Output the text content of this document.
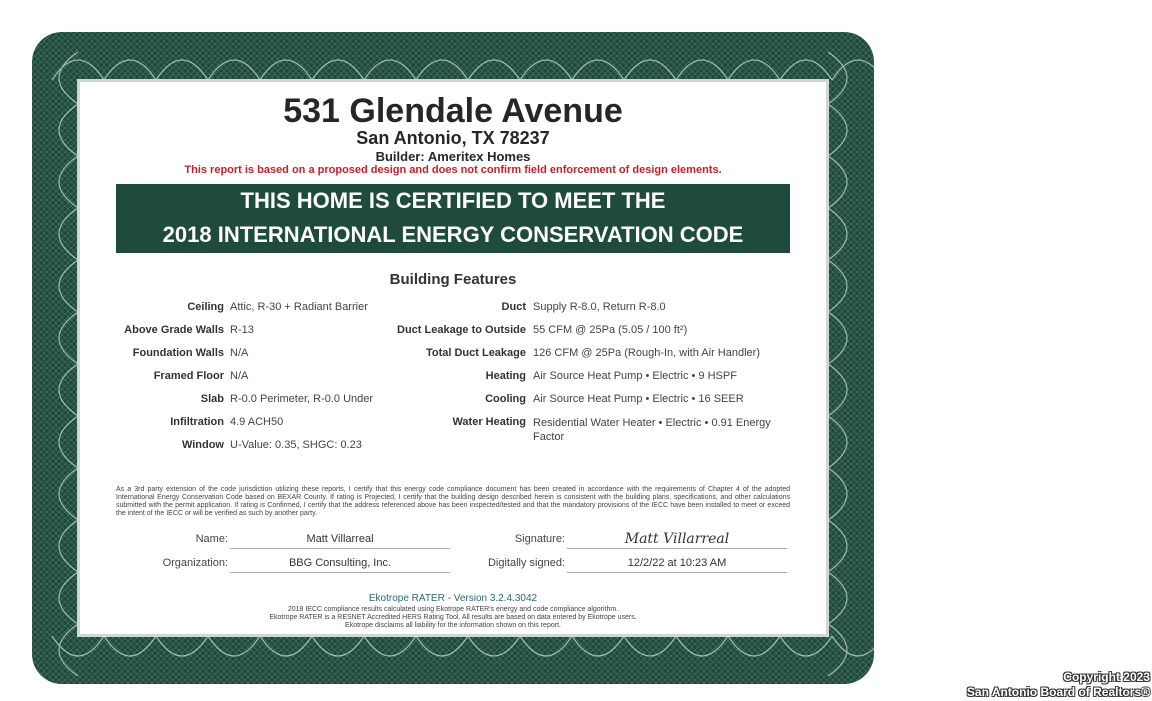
531 Glendale Avenue
San Antonio, TX 78237
Builder: Ameritex Homes
This report is based on a proposed design and does not confirm field enforcement of design elements.
THIS HOME IS CERTIFIED TO MEET THE
2018 INTERNATIONAL ENERGY CONSERVATION CODE
Building Features
Ceiling Attic, R-30 + Radiant Barrier
Above Grade Walls R-13
Foundation Walls N/A
Framed Floor N/A
Slab R-0.0 Perimeter, R-0.0 Under
Infiltration 4.9 ACH50
Window U-Value: 0.35, SHGC: 0.23
Duct Supply R-8.0, Return R-8.0
Duct Leakage to Outside 55 CFM @ 25Pa (5.05 / 100 ft²)
Total Duct Leakage 126 CFM @ 25Pa (Rough-In, with Air Handler)
Heating Air Source Heat Pump • Electric • 9 HSPF
Cooling Air Source Heat Pump • Electric • 16 SEER
Water Heating Residential Water Heater • Electric • 0.91 Energy Factor
As a 3rd party extension of the code jurisdiction utilizing these reports, I certify that this energy code compliance document has been created in accordance with the requirements of Chapter 4 of the adopted International Energy Conservation Code based on BEXAR County. If rating is Projected, I certify that the building design described herein is consistent with the building plans, specifications, and other calculations submitted with the permit application. If rating is Confirmed, I certify that the address referenced above has been inspected/tested and that the mandatory provisions of the IECC have been installed to meet or exceed the intent of the IECC or will be verified as such by another party.
Name:	Matt Villarreal
Organization:	BBG Consulting, Inc.
Signature:	Matt Villarreal
Digitally signed:	12/2/22 at 10:23 AM
Ekotrope RATER - Version 3.2.4.3042
2018 IECC compliance results calculated using Ekotrope RATER's energy and code compliance algorithm.
Ekotrope RATER is a RESNET Accredited HERS Rating Tool. All results are based on data entered by Ekotrope users.
Ekotrope disclaims all liability for the information shown on this report.
Copyright 2023
San Antonio Board of Realtors®
